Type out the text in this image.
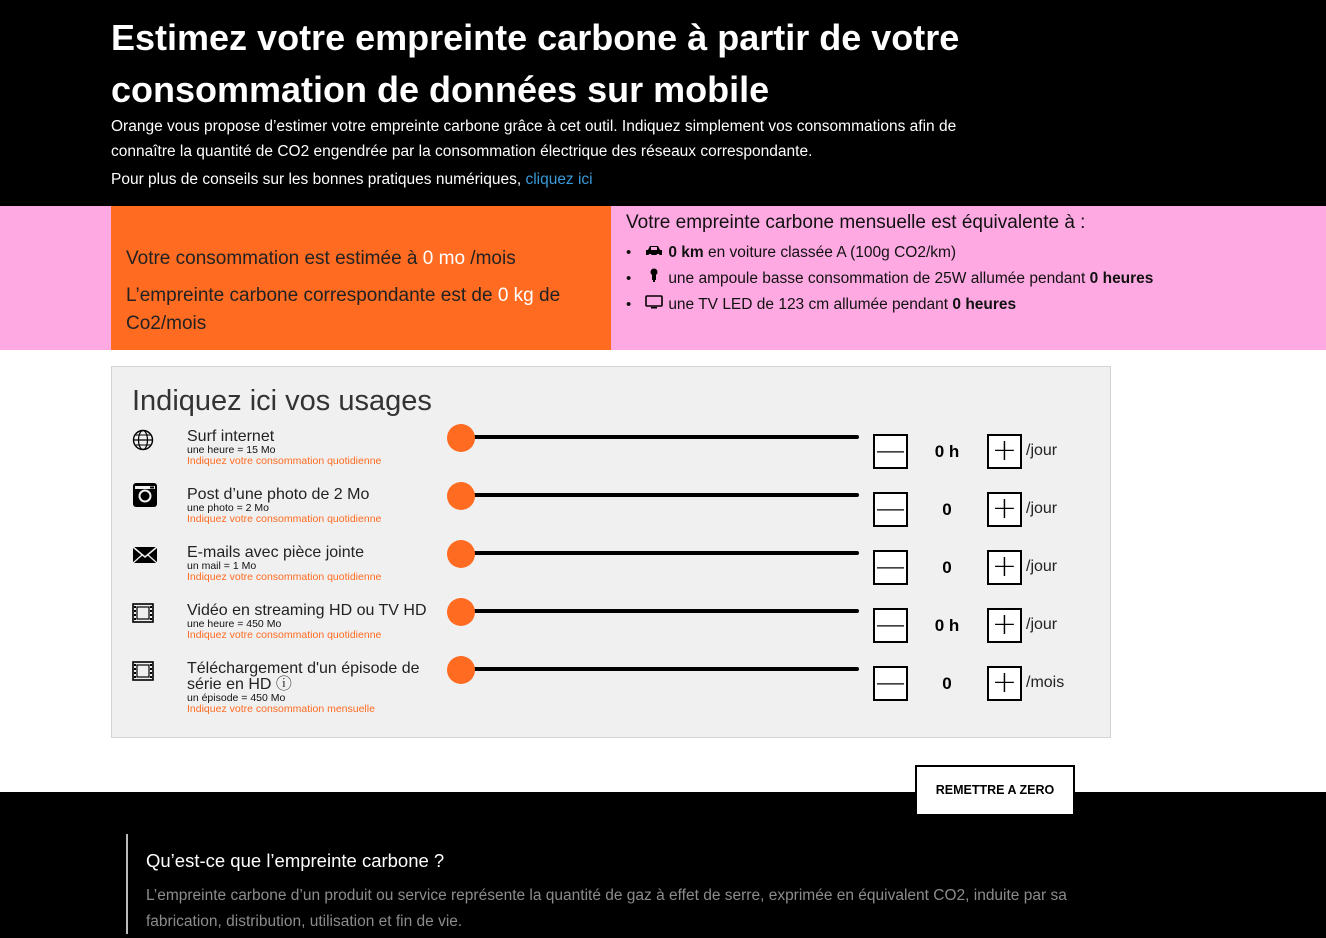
Estimez votre empreinte carbone à partir de votre consommation de données sur mobile
Orange vous propose d’estimer votre empreinte carbone grâce à cet outil. Indiquez simplement vos consommations afin de connaître la quantité de CO2 engendrée par la consommation électrique des réseaux correspondante.
Pour plus de conseils sur les bonnes pratiques numériques, cliquez ici
Votre consommation est estimée à 0 mo /mois
L’empreinte carbone correspondante est de 0 kg de Co2/mois
Votre empreinte carbone mensuelle est équivalente à :
• 0 km en voiture classée A (100g CO2/km)
• une ampoule basse consommation de 25W allumée pendant 0 heures
• une TV LED de 123 cm allumée pendant 0 heures
Indiquez ici vos usages
Surf internet
une heure = 15 Mo
Indiquez votre consommation quotidienne	—	0 h	+ /jour
Post d’une photo de 2 Mo
une photo = 2 Mo
Indiquez votre consommation quotidienne	—	0	+ /jour
E-mails avec pièce jointe
un mail = 1 Mo
Indiquez votre consommation quotidienne	—	0	+ /jour
Vidéo en streaming HD ou TV HD
une heure = 450 Mo
Indiquez votre consommation quotidienne	—	0 h	+ /jour
Téléchargement d'un épisode de série en HD ⓘ
un épisode = 450 Mo
Indiquez votre consommation mensuelle
—	0	+ /mois
REMETTRE A ZERO
Qu’est-ce que l’empreinte carbone ?

L’empreinte carbone d’un produit ou service représente la quantité de gaz à effet de serre, exprimée en équivalent CO2, induite par sa fabrication, distribution, utilisation et fin de vie.
